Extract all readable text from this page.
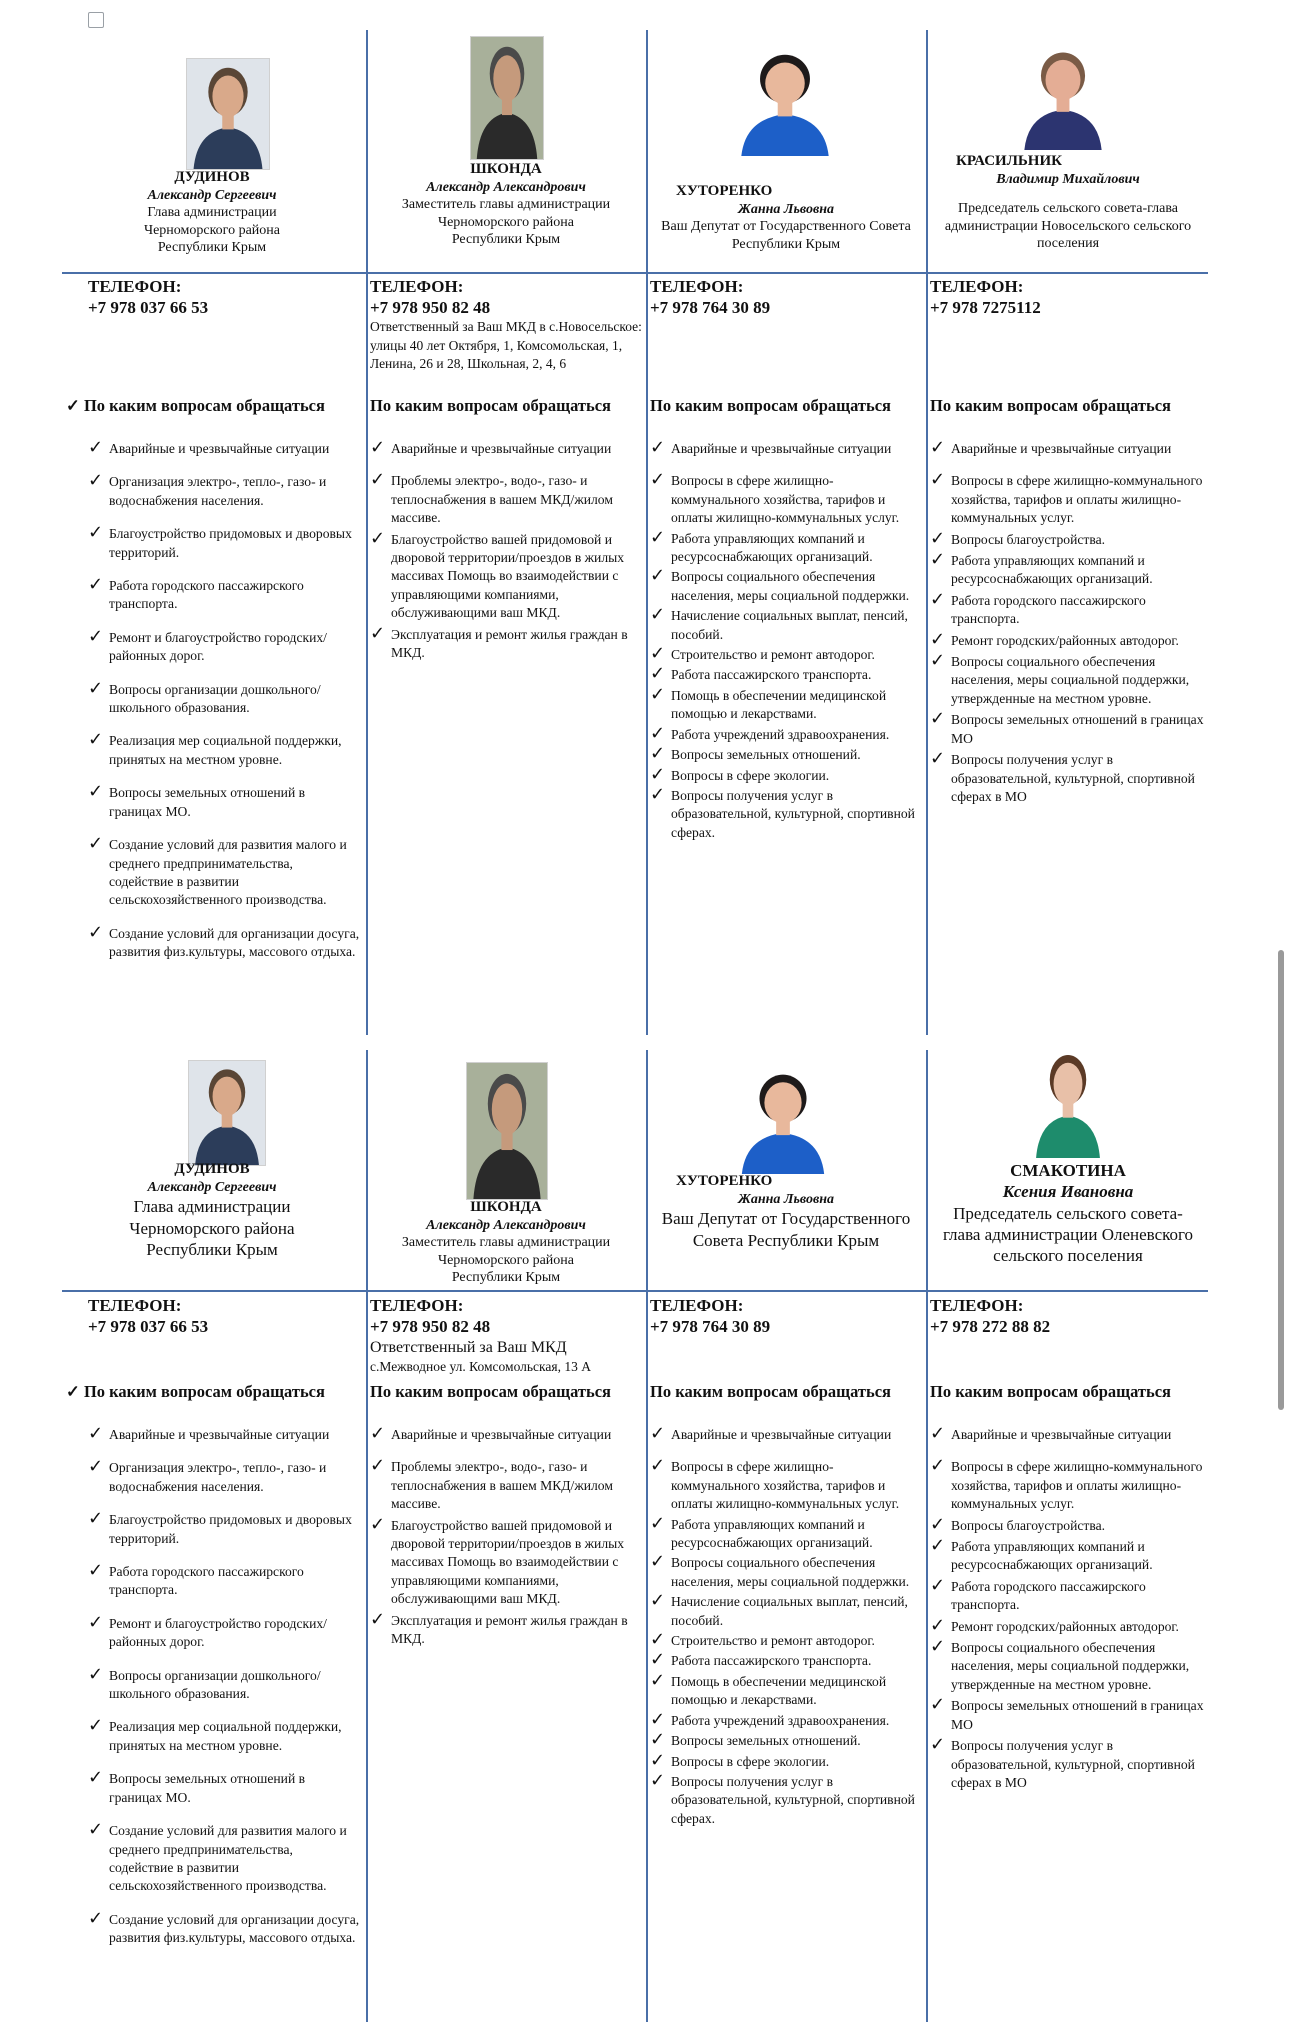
ДУДИНОВ
Александр Сергеевич
Глава администрации
Черноморского района
Республики Крым
ТЕЛЕФОН:
+7 978 037 66 53
✓ По каким вопросам обращаться
✓ Аварийные и чрезвычайные ситуации
✓ Организация электро-, тепло-, газо- и водоснабжения населения.
✓ Благоустройство придомовых и дворовых территорий.
✓ Работа городского пассажирского транспорта.
✓ Ремонт и благоустройство городских/районных дорог.
✓ Вопросы организации дошкольного/школьного образования.
✓ Реализация мер социальной поддержки, принятых на местном уровне.
✓ Вопросы земельных отношений в границах МО.
✓ Создание условий для развития малого и среднего предпринимательства, содействие в развитии сельскохозяйственного производства.
✓ Создание условий для организации досуга, развития физ.культуры, массового отдыха.
ШКОНДА
Александр Александрович
Заместитель главы администрации
Черноморского района
Республики Крым
ТЕЛЕФОН:
+7 978 950 82 48
Ответственный за Ваш МКД в с.Новосельское: улицы 40 лет Октября, 1, Комсомольская, 1, Ленина, 26 и 28, Школьная, 2, 4, 6
По каким вопросам обращаться
✓ Аварийные и чрезвычайные ситуации
✓ Проблемы электро-, водо-, газо- и теплоснабжения в вашем МКД/жилом массиве.
✓ Благоустройство вашей придомовой и дворовой территории/проездов в жилых массивах Помощь во взаимодействии с управляющими компаниями, обслуживающими ваш МКД.
✓ Эксплуатация и ремонт жилья граждан в МКД.
ХУТОРЕНКО
Жанна Львовна
Ваш Депутат от Государственного Совета
Республики Крым
ТЕЛЕФОН:
+7 978 764 30 89
По каким вопросам обращаться
✓ Аварийные и чрезвычайные ситуации
✓ Вопросы в сфере жилищно-коммунального хозяйства, тарифов и оплаты жилищно-коммунальных услуг.
✓ Работа управляющих компаний и ресурсоснабжающих организаций.
✓ Вопросы социального обеспечения населения, меры социальной поддержки.
✓ Начисление социальных выплат, пенсий, пособий.
✓ Строительство и ремонт автодорог.
✓ Работа пассажирского транспорта.
✓ Помощь в обеспечении медицинской помощью и лекарствами.
✓ Работа учреждений здравоохранения.
✓ Вопросы земельных отношений.
✓ Вопросы в сфере экологии.
✓ Вопросы получения услуг в образовательной, культурной, спортивной сферах.
КРАСИЛЬНИК
Владимир Михайлович
Председатель сельского совета-глава
администрации Новосельского сельского
поселения
ТЕЛЕФОН:
+7 978 7275112
По каким вопросам обращаться
✓ Аварийные и чрезвычайные ситуации
✓ Вопросы в сфере жилищно-коммунального хозяйства, тарифов и оплаты жилищно-коммунальных услуг.
✓ Вопросы благоустройства.
✓ Работа управляющих компаний и ресурсоснабжающих организаций.
✓ Работа городского пассажирского транспорта.
✓ Ремонт городских/районных автодорог.
✓ Вопросы социального обеспечения населения, меры социальной поддержки, утвержденные на местном уровне.
✓ Вопросы земельных отношений в границах МО
✓ Вопросы получения услуг в образовательной, культурной, спортивной сферах в МО
ДУДИНОВ
Александр Сергеевич
Глава администрации
Черноморского района
Республики Крым
ТЕЛЕФОН:
+7 978 037 66 53
✓ По каким вопросам обращаться
✓ Аварийные и чрезвычайные ситуации
✓ Организация электро-, тепло-, газо- и водоснабжения населения.
✓ Благоустройство придомовых и дворовых территорий.
✓ Работа городского пассажирского транспорта.
✓ Ремонт и благоустройство городских/районных дорог.
✓ Вопросы организации дошкольного/школьного образования.
✓ Реализация мер социальной поддержки, принятых на местном уровне.
✓ Вопросы земельных отношений в границах МО.
✓ Создание условий для развития малого и среднего предпринимательства, содействие в развитии сельскохозяйственного производства.
✓ Создание условий для организации досуга, развития физ.культуры, массового отдыха.
ШКОНДА
Александр Александрович
Заместитель главы администрации
Черноморского района
Республики Крым
ТЕЛЕФОН:
+7 978 950 82 48
Ответственный за Ваш МКД
с.Межводное ул. Комсомольская, 13 А
По каким вопросам обращаться
✓ Аварийные и чрезвычайные ситуации
✓ Проблемы электро-, водо-, газо- и теплоснабжения в вашем МКД/жилом массиве.
✓ Благоустройство вашей придомовой и дворовой территории/проездов в жилых массивах Помощь во взаимодействии с управляющими компаниями, обслуживающими ваш МКД.
✓ Эксплуатация и ремонт жилья граждан в МКД.
ХУТОРЕНКО
Жанна Львовна
Ваш Депутат от Государственного
Совета Республики Крым
ТЕЛЕФОН:
+7 978 764 30 89
По каким вопросам обращаться
✓ Аварийные и чрезвычайные ситуации
✓ Вопросы в сфере жилищно-коммунального хозяйства, тарифов и оплаты жилищно-коммунальных услуг.
✓ Работа управляющих компаний и ресурсоснабжающих организаций.
✓ Вопросы социального обеспечения населения, меры социальной поддержки.
✓ Начисление социальных выплат, пенсий, пособий.
✓ Строительство и ремонт автодорог.
✓ Работа пассажирского транспорта.
✓ Помощь в обеспечении медицинской помощью и лекарствами.
✓ Работа учреждений здравоохранения.
✓ Вопросы земельных отношений.
✓ Вопросы в сфере экологии.
✓ Вопросы получения услуг в образовательной, культурной, спортивной сферах.
СМАКОТИНА
Ксения Ивановна
Председатель сельского совета-
глава администрации Оленевского
сельского поселения
ТЕЛЕФОН:
+7 978 272 88 82
По каким вопросам обращаться
✓ Аварийные и чрезвычайные ситуации
✓ Вопросы в сфере жилищно-коммунального хозяйства, тарифов и оплаты жилищно-коммунальных услуг.
✓ Вопросы благоустройства.
✓ Работа управляющих компаний и ресурсоснабжающих организаций.
✓ Работа городского пассажирского транспорта.
✓ Ремонт городских/районных автодорог.
✓ Вопросы социального обеспечения населения, меры социальной поддержки, утвержденные на местном уровне.
✓ Вопросы земельных отношений в границах МО
✓ Вопросы получения услуг в образовательной, культурной, спортивной сферах в МО
